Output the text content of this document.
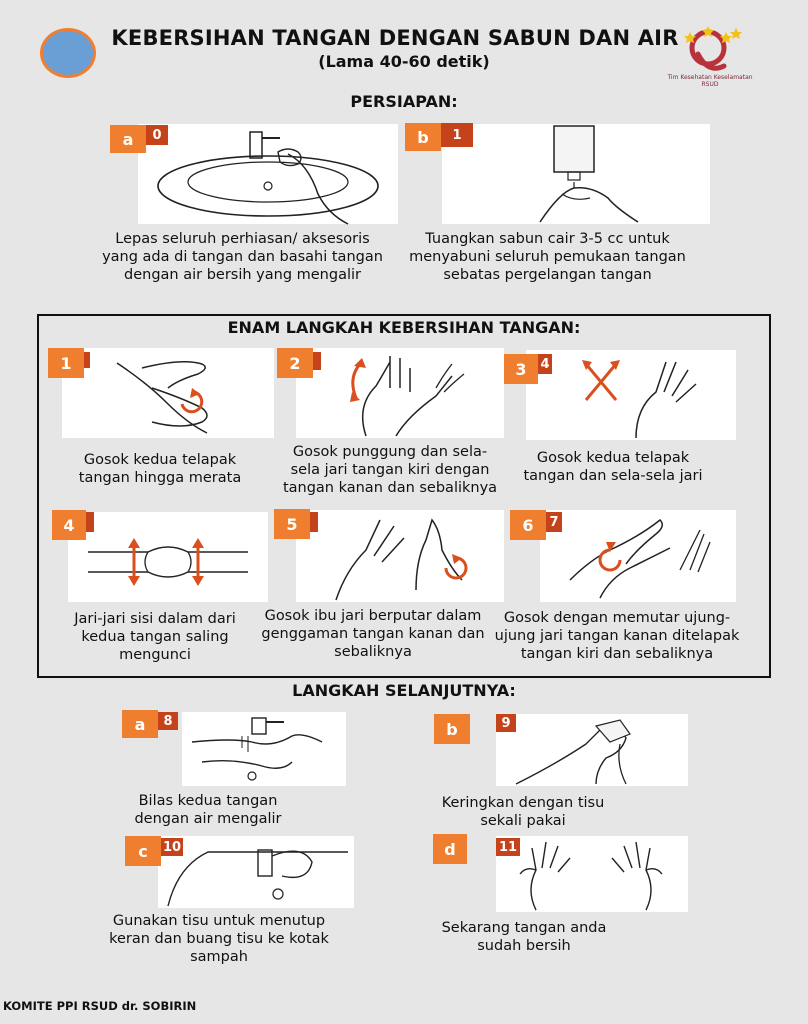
KEBERSIHAN TANGAN DENGAN SABUN DAN AIR
(Lama 40-60 detik)
Tim Kesehatan Keselamatan RSUD
PERSIAPAN:
a	0
Lepas seluruh perhiasan/ aksesoris yang ada di tangan dan basahi tangan dengan air bersih yang mengalir
b	1
Tuangkan sabun cair 3-5 cc untuk menyabuni seluruh pemukaan tangan sebatas pergelangan tangan
ENAM LANGKAH KEBERSIHAN TANGAN:
1
Gosok kedua telapak tangan hingga merata
2
Gosok punggung dan sela-sela jari tangan kiri dengan tangan kanan dan sebaliknya
3	4
Gosok kedua telapak tangan dan sela-sela jari
4
Jari-jari sisi dalam dari kedua tangan saling mengunci
5
Gosok ibu jari berputar dalam genggaman tangan kanan dan sebaliknya
6	7
Gosok dengan memutar ujung-ujung jari tangan kanan ditelapak tangan kiri dan sebaliknya
LANGKAH SELANJUTNYA:
a	8
Bilas kedua tangan dengan air mengalir
b	9
Keringkan dengan tisu sekali pakai
c	10
Gunakan tisu untuk menutup keran dan buang tisu ke kotak sampah
d	11
Sekarang tangan anda sudah bersih
KOMITE PPI RSUD dr. SOBIRIN
